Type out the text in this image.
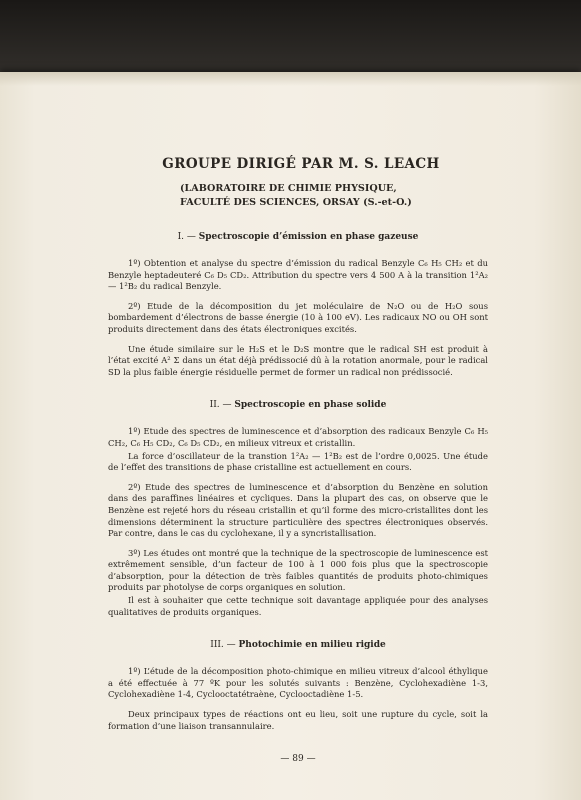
GROUPE DIRIGÉ PAR M. S. LEACH
(LABORATOIRE DE CHIMIE PHYSIQUE,
FACULTÉ DES SCIENCES, ORSAY (S.-et-O.)
I. — Spectroscopie d’émission en phase gazeuse

1º) Obtention et analyse du spectre d’émission du radical Benzyle C₆ H₅ CH₂ et du Benzyle heptadeuteré C₆ D₅ CD₂. Attribution du spectre vers 4 500 A à la transition 1²A₂ — 1²B₂ du radical Benzyle.

2º) Etude de la décomposition du jet moléculaire de N₂O ou de H₂O sous bombardement d’électrons de basse énergie (10 à 100 eV). Les radicaux NO ou OH sont produits directement dans des états électroniques excités.

Une étude similaire sur le H₂S et le D₂S montre que le radical SH est produit à l’état excité A² Σ dans un état déjà prédissocié dû à la rotation anormale, pour le radical SD la plus faible énergie résiduelle permet de former un radical non prédissocié.

II. — Spectroscopie en phase solide

1º) Etude des spectres de luminescence et d’absorption des radicaux Benzyle C₆ H₅ CH₂, C₆ H₅ CD₂, C₆ D₅ CD₂, en milieux vitreux et cristallin.

La force d’oscillateur de la transtion 1²A₂ — 1²B₂ est de l’ordre 0,0025. Une étude de l’effet des transitions de phase cristalline est actuellement en cours.

2º) Etude des spectres de luminescence et d’absorption du Benzène en solution dans des paraffines linéaires et cycliques. Dans la plupart des cas, on observe que le Benzène est rejeté hors du réseau cristallin et qu’il forme des micro-cristallites dont les dimensions déterminent la structure particulière des spectres électroniques observés. Par contre, dans le cas du cyclohexane, il y a syncristallisation.

3º) Les études ont montré que la technique de la spectroscopie de luminescence est extrêmement sensible, d’un facteur de 100 à 1 000 fois plus que la spectroscopie d’absorption, pour la détection de très faibles quantités de produits photo-chimiques produits par photolyse de corps organiques en solution.

Il est à souhaiter que cette technique soit davantage appliquée pour des analyses qualitatives de produits organiques.

III. — Photochimie en milieu rigide

1º) L’étude de la décomposition photo-chimique en milieu vitreux d’alcool éthylique a été effectuée à 77 ºK pour les solutés suivants : Benzène, Cyclohexadiène 1-3, Cyclohexadiène 1-4, Cyclooctatétraène, Cyclooctadiène 1-5.

Deux principaux types de réactions ont eu lieu, soit une rupture du cycle, soit la formation d’une liaison transannulaire.

— 89 —
